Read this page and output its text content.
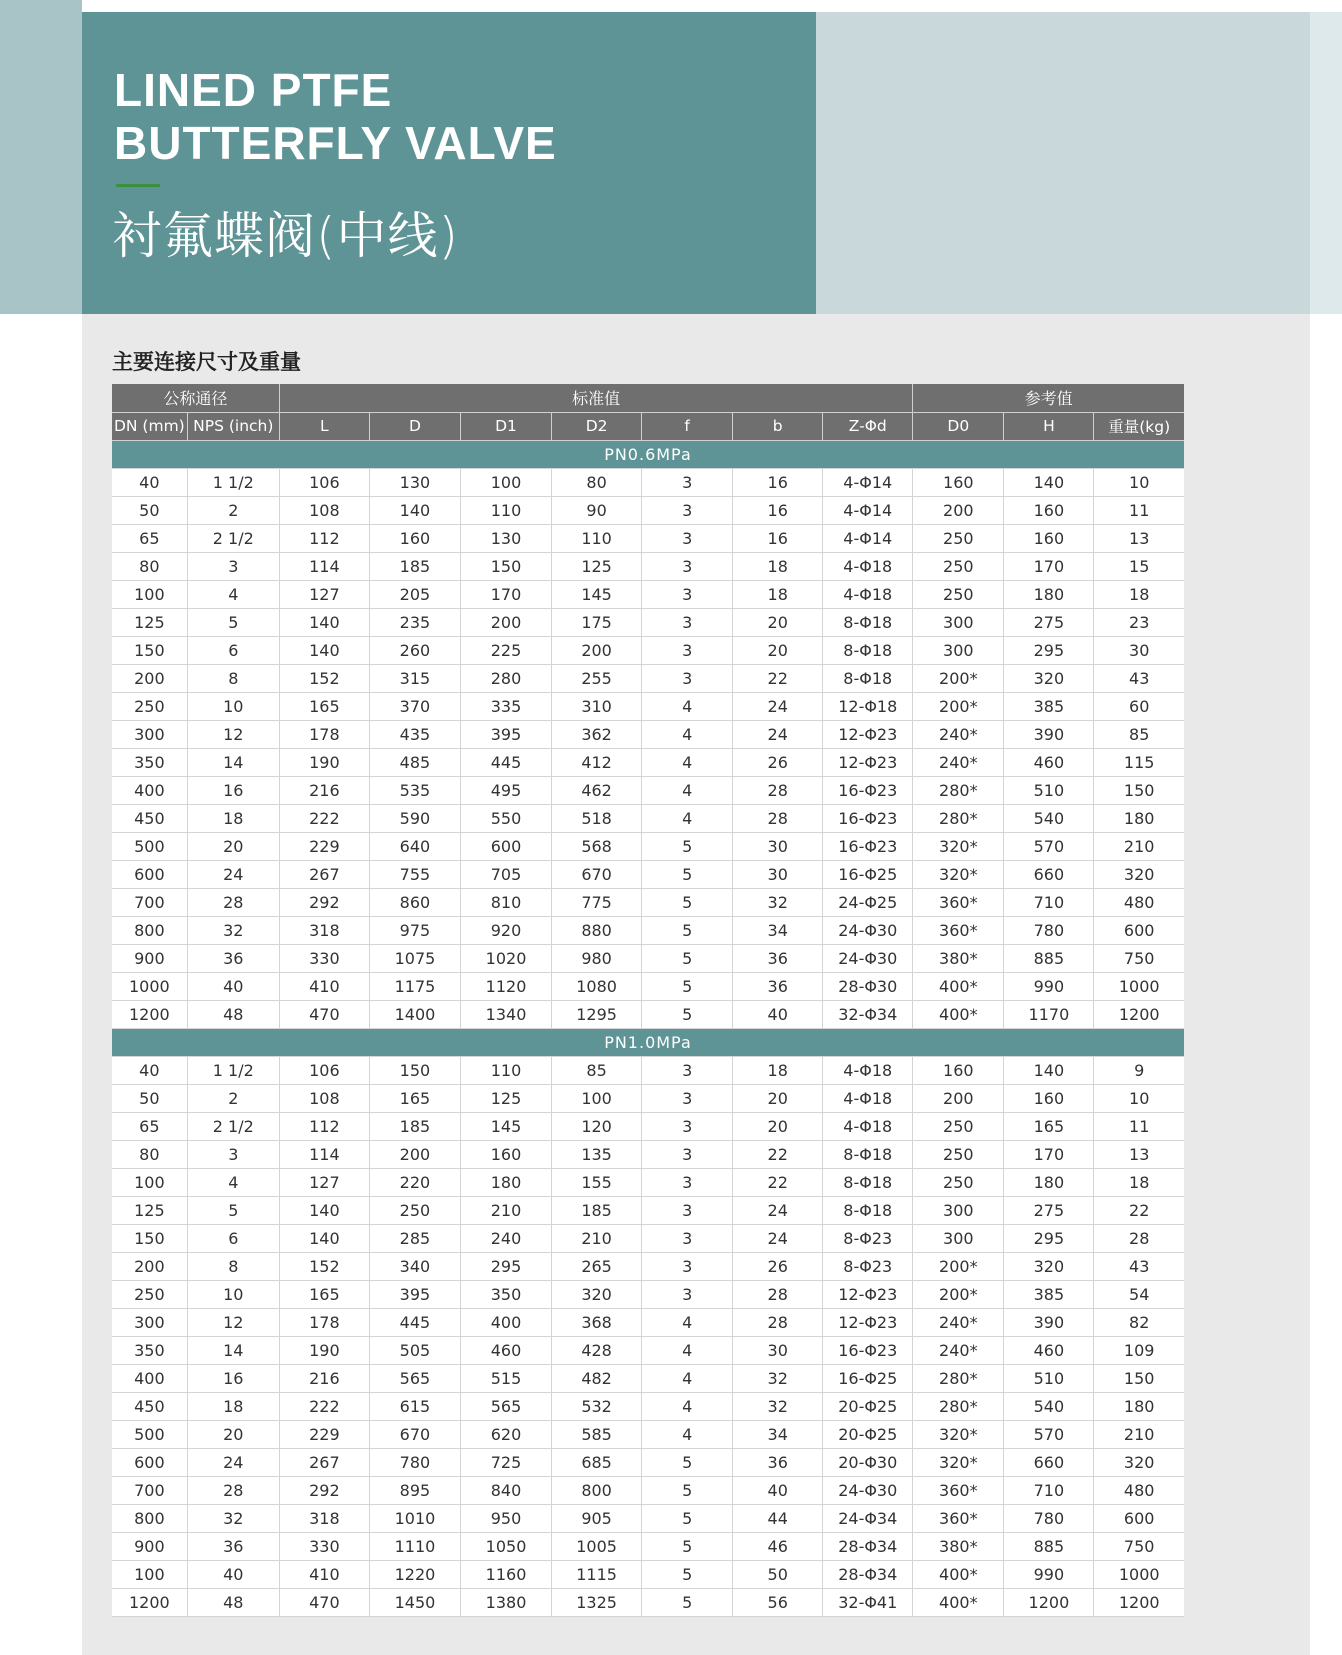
LINED PTFE
BUTTERFLY VALVE
衬氟蝶阀(中线)
主要连接尺寸及重量
公称通径		标准值							参考值		
DN (mm)	NPS (inch)	L	D	D1	D2	f	b	Z-Φd	D0	H	重量(kg)
PN0.6MPa											
40	1 1/2	106	130	100	80	3	16	4-Φ14	160	140	10
50	2	108	140	110	90	3	16	4-Φ14	200	160	11
65	2 1/2	112	160	130	110	3	16	4-Φ14	250	160	13
80	3	114	185	150	125	3	18	4-Φ18	250	170	15
100	4	127	205	170	145	3	18	4-Φ18	250	180	18
125	5	140	235	200	175	3	20	8-Φ18	300	275	23
150	6	140	260	225	200	3	20	8-Φ18	300	295	30
200	8	152	315	280	255	3	22	8-Φ18	200*	320	43
250	10	165	370	335	310	4	24	12-Φ18	200*	385	60
300	12	178	435	395	362	4	24	12-Φ23	240*	390	85
350	14	190	485	445	412	4	26	12-Φ23	240*	460	115
400	16	216	535	495	462	4	28	16-Φ23	280*	510	150
450	18	222	590	550	518	4	28	16-Φ23	280*	540	180
500	20	229	640	600	568	5	30	16-Φ23	320*	570	210
600	24	267	755	705	670	5	30	16-Φ25	320*	660	320
700	28	292	860	810	775	5	32	24-Φ25	360*	710	480
800	32	318	975	920	880	5	34	24-Φ30	360*	780	600
900	36	330	1075	1020	980	5	36	24-Φ30	380*	885	750
1000	40	410	1175	1120	1080	5	36	28-Φ30	400*	990	1000
1200	48	470	1400	1340	1295	5	40	32-Φ34	400*	1170	1200
PN1.0MPa											
40	1 1/2	106	150	110	85	3	18	4-Φ18	160	140	9
50	2	108	165	125	100	3	20	4-Φ18	200	160	10
65	2 1/2	112	185	145	120	3	20	4-Φ18	250	165	11
80	3	114	200	160	135	3	22	8-Φ18	250	170	13
100	4	127	220	180	155	3	22	8-Φ18	250	180	18
125	5	140	250	210	185	3	24	8-Φ18	300	275	22
150	6	140	285	240	210	3	24	8-Φ23	300	295	28
200	8	152	340	295	265	3	26	8-Φ23	200*	320	43
250	10	165	395	350	320	3	28	12-Φ23	200*	385	54
300	12	178	445	400	368	4	28	12-Φ23	240*	390	82
350	14	190	505	460	428	4	30	16-Φ23	240*	460	109
400	16	216	565	515	482	4	32	16-Φ25	280*	510	150
450	18	222	615	565	532	4	32	20-Φ25	280*	540	180
500	20	229	670	620	585	4	34	20-Φ25	320*	570	210
600	24	267	780	725	685	5	36	20-Φ30	320*	660	320
700	28	292	895	840	800	5	40	24-Φ30	360*	710	480
800	32	318	1010	950	905	5	44	24-Φ34	360*	780	600
900	36	330	1110	1050	1005	5	46	28-Φ34	380*	885	750
100	40	410	1220	1160	1115	5	50	28-Φ34	400*	990	1000
1200	48	470	1450	1380	1325	5	56	32-Φ41	400*	1200	1200
